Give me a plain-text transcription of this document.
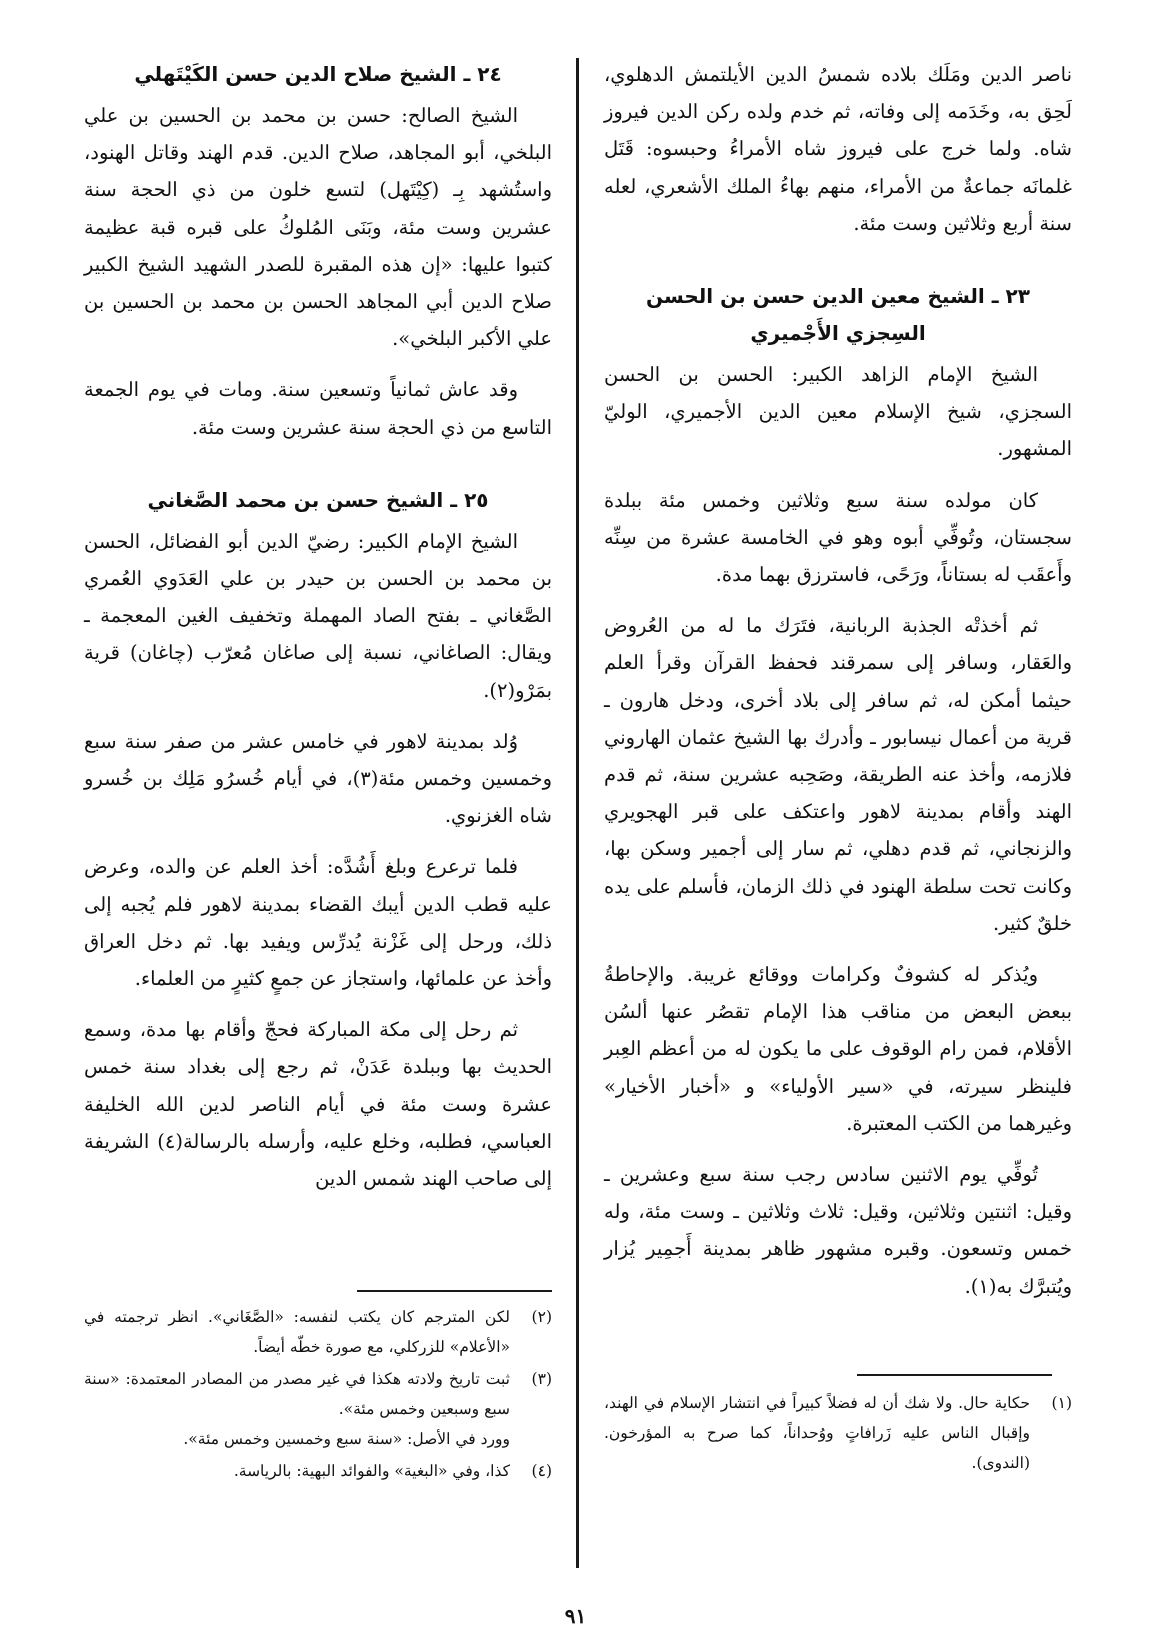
ناصر الدين ومَلَك بلاده شمسُ الدين الأيلتمش الدهلوي، لَحِق به، وخَدَمه إلى وفاته، ثم خدم ولده ركن الدين فيروز شاه. ولما خرج على فيروز شاه الأمراءُ وحبسوه: قَتَل غلمانَه جماعةٌ من الأمراء، منهم بهاءُ الملك الأشعري، لعله سنة أربع وثلاثين وست مئة.

٢٣ ـ الشيخ معين الدين حسن بن الحسن
السِجزي الأَجْميري

الشيخ الإمام الزاهد الكبير: الحسن بن الحسن السجزي، شيخ الإسلام معين الدين الأجميري، الوليّ المشهور.

كان مولده سنة سبع وثلاثين وخمس مئة ببلدة سجستان، وتُوفِّي أبوه وهو في الخامسة عشرة من سِنِّه وأَعقَب له بستاناً، ورَحًى، فاسترزق بهما مدة.

ثم أخذتْه الجذبة الربانية، فتَرَك ما له من العُروض والعَقار، وسافر إلى سمرقند فحفظ القرآن وقرأ العلم حيثما أمكن له، ثم سافر إلى بلاد أخرى، ودخل هارون ـ قرية من أعمال نيسابور ـ وأدرك بها الشيخ عثمان الهاروني فلازمه، وأخذ عنه الطريقة، وصَحِبه عشرين سنة، ثم قدم الهند وأقام بمدينة لاهور واعتكف على قبر الهجويري والزنجاني، ثم قدم دهلي، ثم سار إلى أجمير وسكن بها، وكانت تحت سلطة الهنود في ذلك الزمان، فأسلم على يده خلقٌ كثير.

ويُذكر له كشوفٌ وكرامات ووقائع غريبة. والإحاطةُ ببعض البعض من مناقب هذا الإمام تقصُر عنها ألسُن الأقلام، فمن رام الوقوف على ما يكون له من أعظم العِبر فلينظر سيرته، في «سير الأولياء» و «أخبار الأخيار» وغيرهما من الكتب المعتبرة.

تُوفِّي يوم الاثنين سادس رجب سنة سبع وعشرين ـ وقيل: اثنتين وثلاثين، وقيل: ثلاث وثلاثين ـ وست مئة، وله خمس وتسعون. وقبره مشهور ظاهر بمدينة أَجمِير يُزار ويُتبرَّك به(١).

٢٤ ـ الشيخ صلاح الدين حسن الكَيْتَهلي

الشيخ الصالح: حسن بن محمد بن الحسين بن علي البلخي، أبو المجاهد، صلاح الدين. قدم الهند وقاتل الهنود، واستُشهد بِـ (كِيْتَهل) لتسع خلون من ذي الحجة سنة عشرين وست مئة، وبَنَى المُلوكُ على قبره قبة عظيمة كتبوا عليها: «إن هذه المقبرة للصدر الشهيد الشيخ الكبير صلاح الدين أبي المجاهد الحسن بن محمد بن الحسين بن علي الأكبر البلخي».

وقد عاش ثمانياً وتسعين سنة. ومات في يوم الجمعة التاسع من ذي الحجة سنة عشرين وست مئة.

٢٥ ـ الشيخ حسن بن محمد الصَّغاني

الشيخ الإمام الكبير: رضيّ الدين أبو الفضائل، الحسن بن محمد بن الحسن بن حيدر بن علي العَدَوي العُمري الصَّغاني ـ بفتح الصاد المهملة وتخفيف الغين المعجمة ـ ويقال: الصاغاني، نسبة إلى صاغان مُعرّب (چاغان) قرية بمَرْو(٢).

وُلد بمدينة لاهور في خامس عشر من صفر سنة سبع وخمسين وخمس مئة(٣)، في أيام خُسرُو مَلِك بن خُسرو شاه الغزنوي.

فلما ترعرع وبلغ أَشُدَّه: أخذ العلم عن والده، وعرض عليه قطب الدين أيبك القضاء بمدينة لاهور فلم يُجبه إلى ذلك، ورحل إلى غَزْنة يُدرِّس ويفيد بها. ثم دخل العراق وأخذ عن علمائها، واستجاز عن جمعٍ كثيرٍ من العلماء.

ثم رحل إلى مكة المباركة فحجّ وأقام بها مدة، وسمع الحديث بها وببلدة عَدَنْ، ثم رجع إلى بغداد سنة خمس عشرة وست مئة في أيام الناصر لدين الله الخليفة العباسي، فطلبه، وخلع عليه، وأرسله بالرسالة(٤) الشريفة إلى صاحب الهند شمس الدين

(١)
حكاية حال. ولا شك أن له فضلاً كبيراً في انتشار الإسلام في الهند، وإقبال الناس عليه زَرافاتٍ ووُحداناً، كما صرح به المؤرخون. (الندوى).
(٢)
لكن المترجم كان يكتب لنفسه: «الصَّغَاني». انظر ترجمته في «الأعلام» للزركلي، مع صورة خطّه أيضاً.
(٣)
ثبت تاريخ ولادته هكذا في غير مصدر من المصادر المعتمدة: «سنة سبع وسبعين وخمس مئة».
وورد في الأصل: «سنة سبع وخمسين وخمس مئة».
(٤)
كذا، وفي «البغية» والفوائد البهية: بالرياسة.
٩١
